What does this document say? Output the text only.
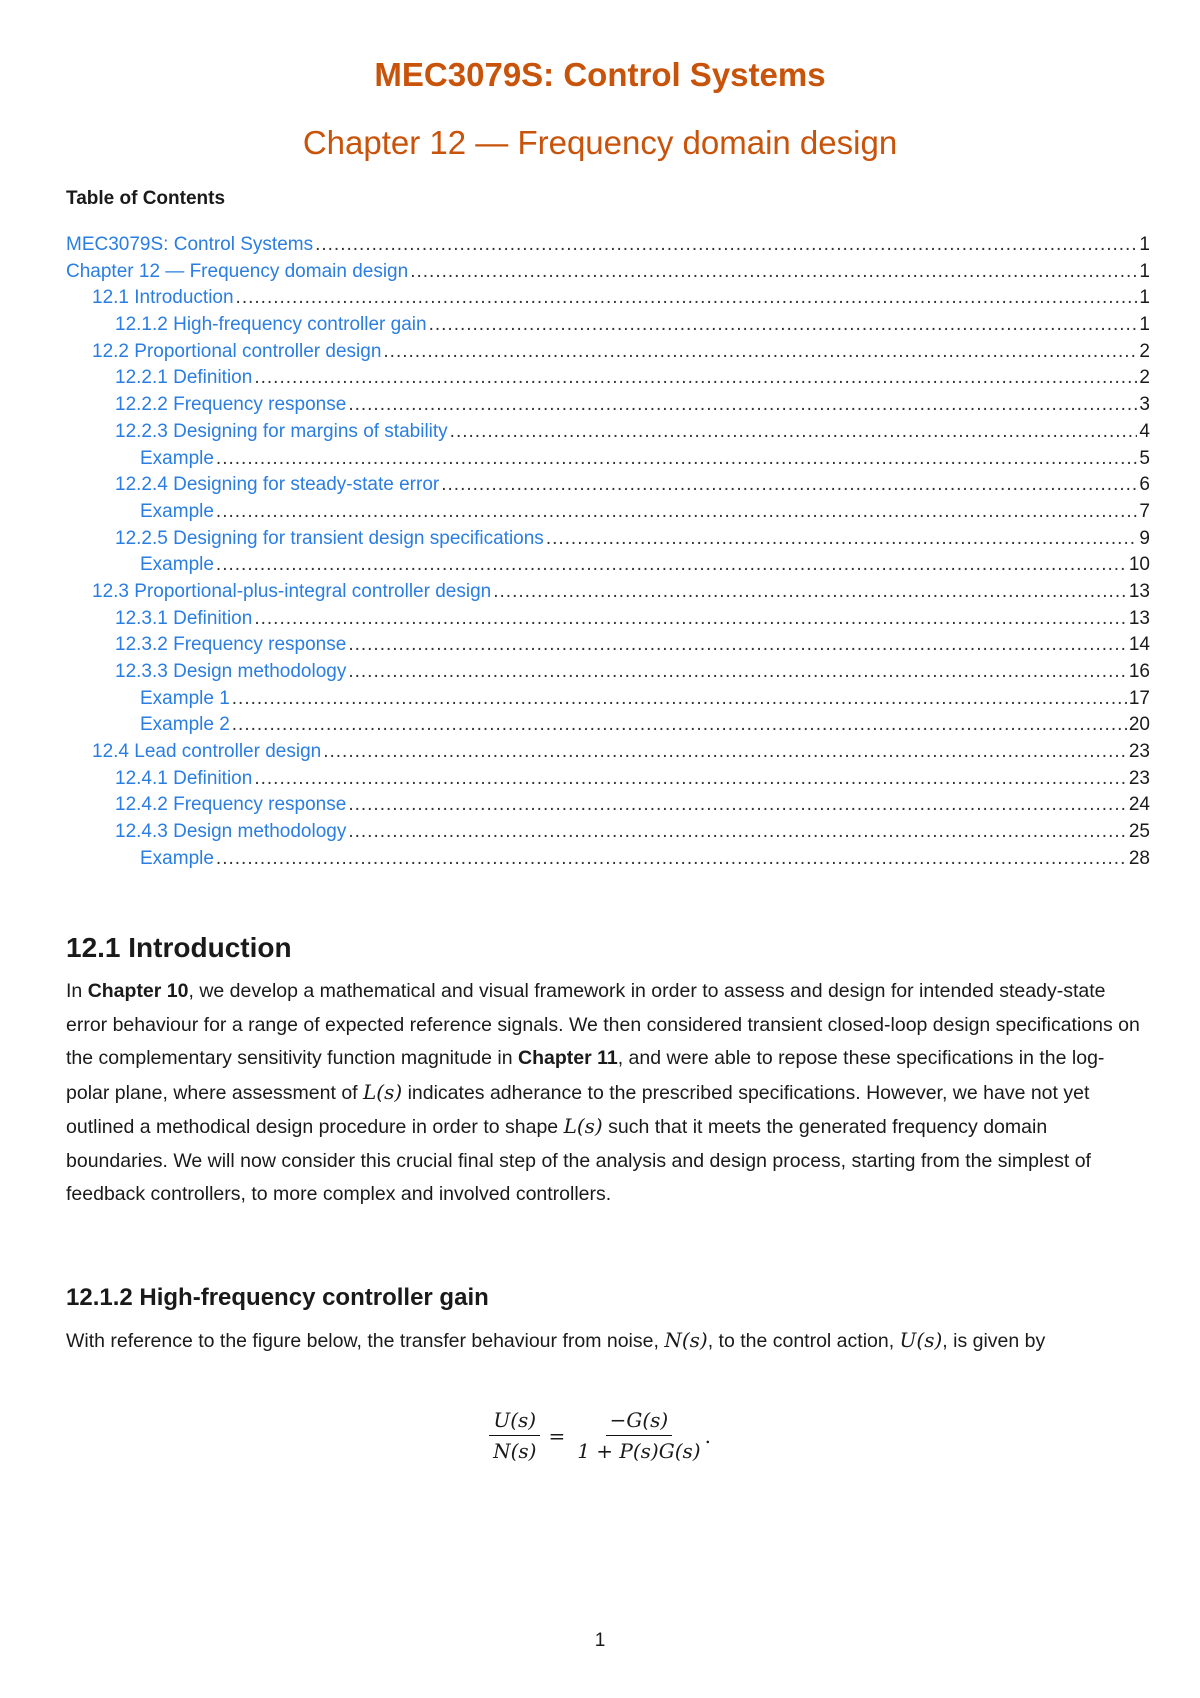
MEC3079S: Control Systems
Chapter 12 — Frequency domain design
Table of Contents
MEC3079S: Control Systems .....	1
Chapter 12 — Frequency domain design .....	1
12.1 Introduction .....	1
12.1.2 High-frequency controller gain .....	1
12.2 Proportional controller design .....	2
12.2.1 Definition .....	2
12.2.2 Frequency response .....	3
12.2.3 Designing for margins of stability .....	4
Example .....	5
12.2.4 Designing for steady-state error .....	6
Example .....	7
12.2.5 Designing for transient design specifications .....	9
Example .....	10
12.3 Proportional-plus-integral controller design .....	13
12.3.1 Definition .....	13
12.3.2 Frequency response .....	14
12.3.3 Design methodology .....	16
Example 1 .....	17
Example 2 .....	20
12.4 Lead controller design .....	23
12.4.1 Definition .....	23
12.4.2 Frequency response .....	24
12.4.3 Design methodology .....	25
Example .....	28
12.1 Introduction
In Chapter 10, we develop a mathematical and visual framework in order to assess and design for intended steady-state error behaviour for a range of expected reference signals. We then considered transient closed-loop design specifications on the complementary sensitivity function magnitude in Chapter 11, and were able to repose these specifications in the log-polar plane, where assessment of L(s) indicates adherance to the prescribed specifications. However, we have not yet outlined a methodical design procedure in order to shape L(s) such that it meets the generated frequency domain boundaries. We will now consider this crucial final step of the analysis and design process, starting from the simplest of feedback controllers, to more complex and involved controllers.
12.1.2 High-frequency controller gain
With reference to the figure below, the transfer behaviour from noise, N(s), to the control action, U(s), is given by
$\frac{U(s)}{N(s)} = \frac{-G(s)}{1 + P(s)G(s)}$ .
1
